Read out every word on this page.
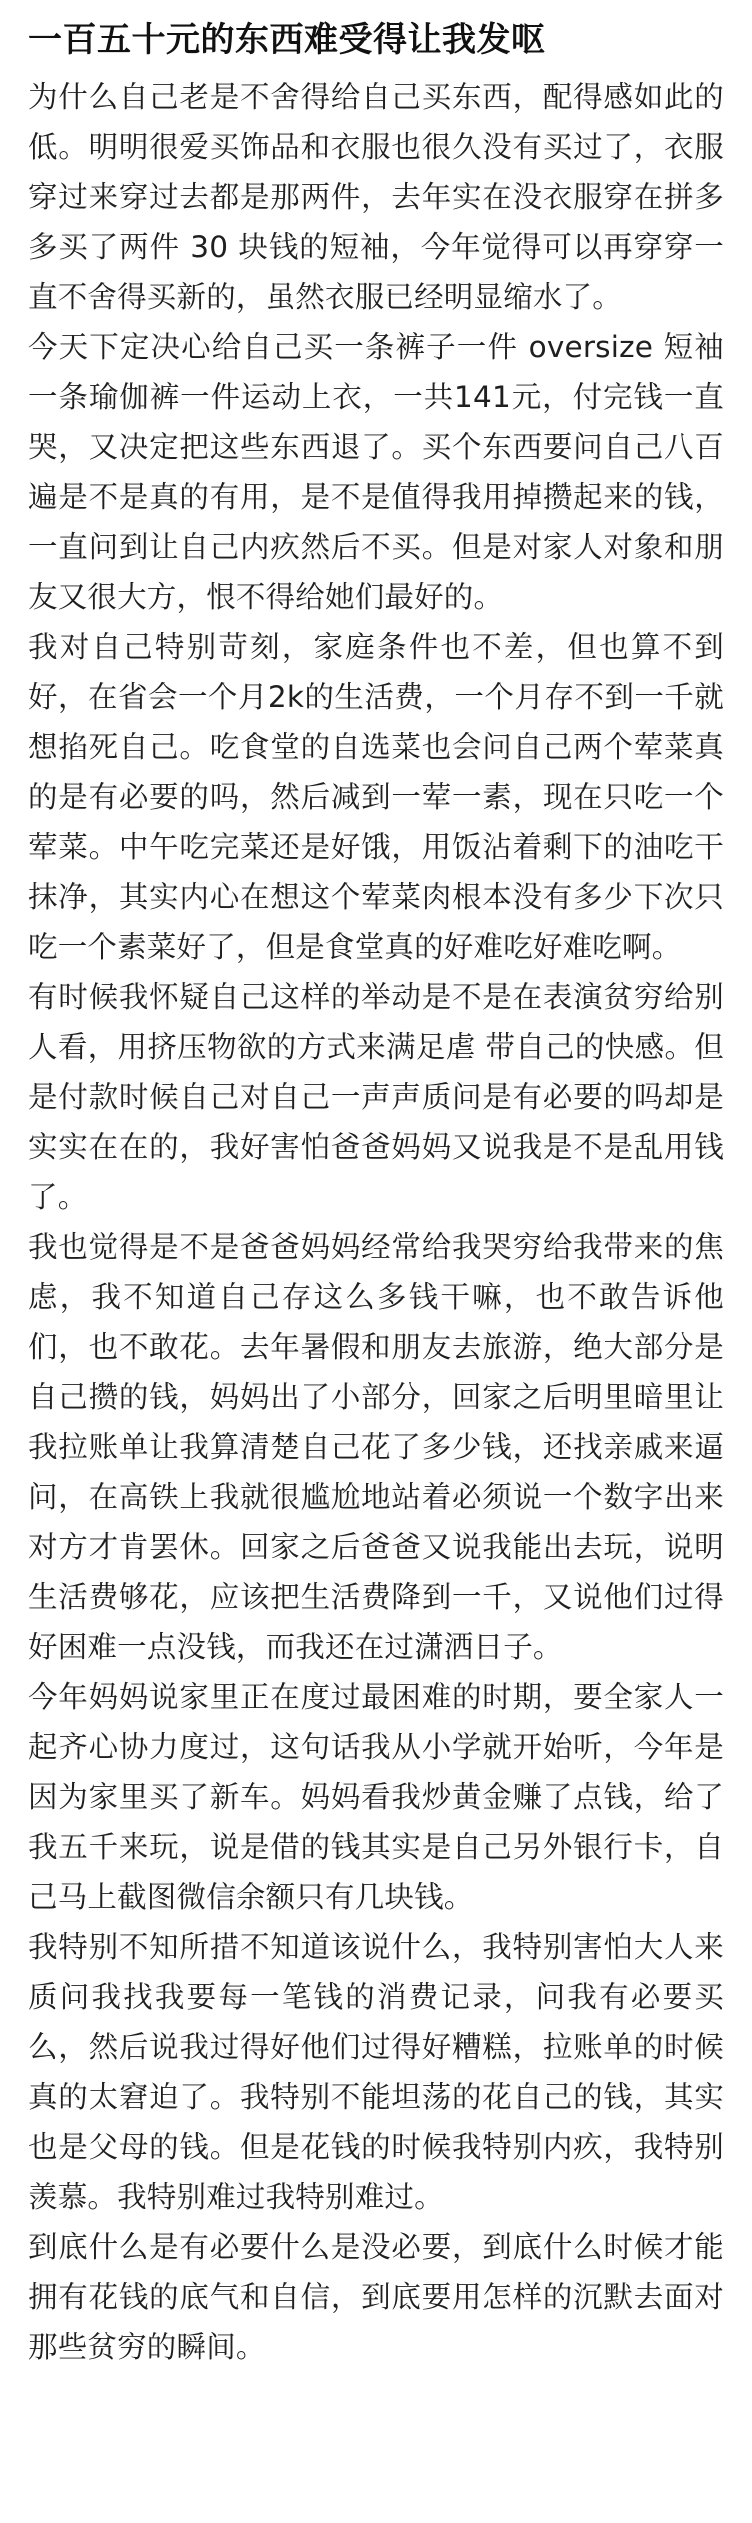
一百五十元的东西难受得让我发呕

为什么自己老是不舍得给自己买东西，配得感如此的低。明明很爱买饰品和衣服也很久没有买过了，衣服穿过来穿过去都是那两件，去年实在没衣服穿在拼多多买了两件 30 块钱的短袖，今年觉得可以再穿穿一直不舍得买新的，虽然衣服已经明显缩水了。

今天下定决心给自己买一条裤子一件 oversize 短袖一条瑜伽裤一件运动上衣，一共141元，付完钱一直哭，又决定把这些东西退了。买个东西要问自己八百遍是不是真的有用，是不是值得我用掉攒起来的钱，一直问到让自己内疚然后不买。但是对家人对象和朋友又很大方，恨不得给她们最好的。

我对自己特别苛刻，家庭条件也不差，但也算不到好，在省会一个月2k的生活费，一个月存不到一千就想掐死自己。吃食堂的自选菜也会问自己两个荤菜真的是有必要的吗，然后减到一荤一素，现在只吃一个荤菜。中午吃完菜还是好饿，用饭沾着剩下的油吃干抹净，其实内心在想这个荤菜肉根本没有多少下次只吃一个素菜好了，但是食堂真的好难吃好难吃啊。

有时候我怀疑自己这样的举动是不是在表演贫穷给别人看，用挤压物欲的方式来满足虐 带自己的快感。但是付款时候自己对自己一声声质问是有必要的吗却是实实在在的，我好害怕爸爸妈妈又说我是不是乱用钱了。

我也觉得是不是爸爸妈妈经常给我哭穷给我带来的焦虑，我不知道自己存这么多钱干嘛，也不敢告诉他们，也不敢花。去年暑假和朋友去旅游，绝大部分是自己攒的钱，妈妈出了小部分，回家之后明里暗里让我拉账单让我算清楚自己花了多少钱，还找亲戚来逼问，在高铁上我就很尴尬地站着必须说一个数字出来对方才肯罢休。回家之后爸爸又说我能出去玩，说明生活费够花，应该把生活费降到一千，又说他们过得好困难一点没钱，而我还在过潇洒日子。

今年妈妈说家里正在度过最困难的时期，要全家人一起齐心协力度过，这句话我从小学就开始听，今年是因为家里买了新车。妈妈看我炒黄金赚了点钱，给了我五千来玩，说是借的钱其实是自己另外银行卡，自己马上截图微信余额只有几块钱。

我特别不知所措不知道该说什么，我特别害怕大人来质问我找我要每一笔钱的消费记录，问我有必要买么，然后说我过得好他们过得好糟糕，拉账单的时候真的太窘迫了。我特别不能坦荡的花自己的钱，其实也是父母的钱。但是花钱的时候我特别内疚，我特别羡慕。我特别难过我特别难过。

到底什么是有必要什么是没必要，到底什么时候才能拥有花钱的底气和自信，到底要用怎样的沉默去面对那些贫穷的瞬间。
